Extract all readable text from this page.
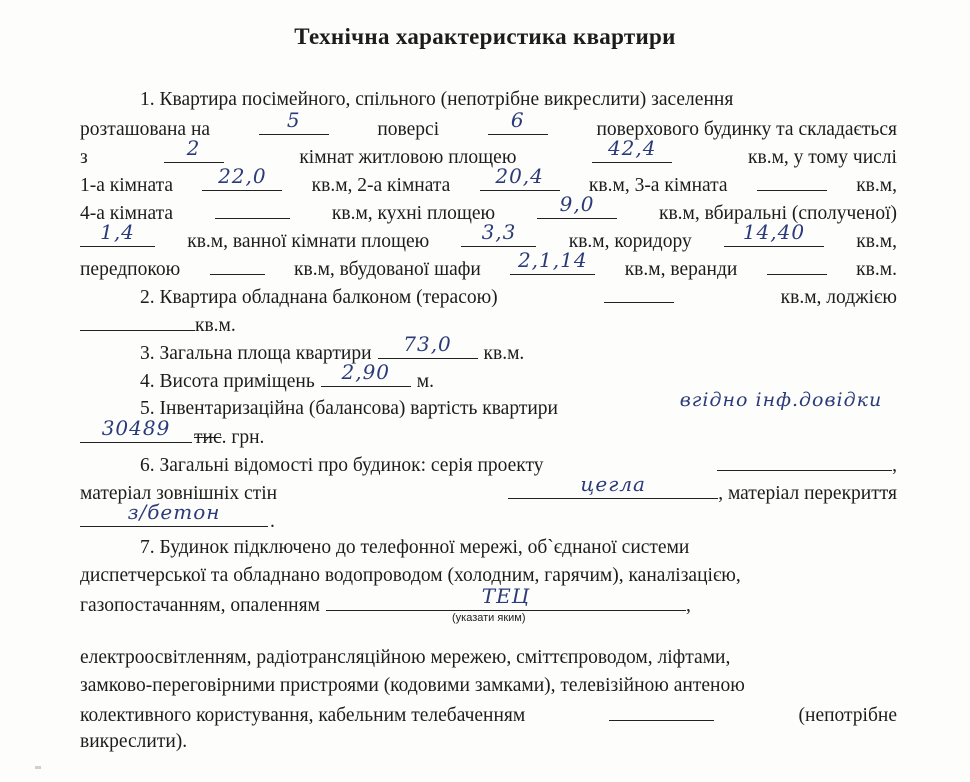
Технічна характеристика квартири
1. Квартира посімейного, спільного (непотрібне викреслити) заселення
розташована на	5	поверсі	6	поверхового будинку та складається
з	2	кімнат житловою площею	42,4	кв.м, у тому числі
1-а кімната	22,0	кв.м, 2-а кімната	20,4	кв.м, 3-а кімната	кв.м,
4-а кімната	кв.м, кухні площею	9,0	кв.м, вбиральні (сполученої)
1,4	кв.м, ванної кімнати площею	3,3	кв.м, коридору	14,40	кв.м,
передпокою	кв.м, вбудованої шафи	2,1,14	кв.м, веранди	кв.м.
2. Квартира обладнана балконом (терасою)	кв.м, лоджією
кв.м.
3. Загальна площа квартири	73,0	кв.м.
4. Висота приміщень	2,90	м.
5. Інвентаризаційна (балансова) вартість квартири	вгідно інф.довідки
30489	тис. грн.
6. Загальні відомості про будинок: серія проекту	,
матеріал зовнішніх стін	цегла	, матеріал перекриття
з/бетон	.
7. Будинок підключено до телефонної мережі, об`єднаної системи
диспетчерської та обладнано водопроводом (холодним, гарячим), каналізацією,
газопостачанням, опаленням	ТЕЦ	,
(указати яким)
електроосвітленням, радіотрансляційною мережею, сміттєпроводом, ліфтами,
замково-переговірними пристроями (кодовими замками), телевізійною антеною
колективного користування, кабельним телебаченням	(непотрібне
викреслити).
